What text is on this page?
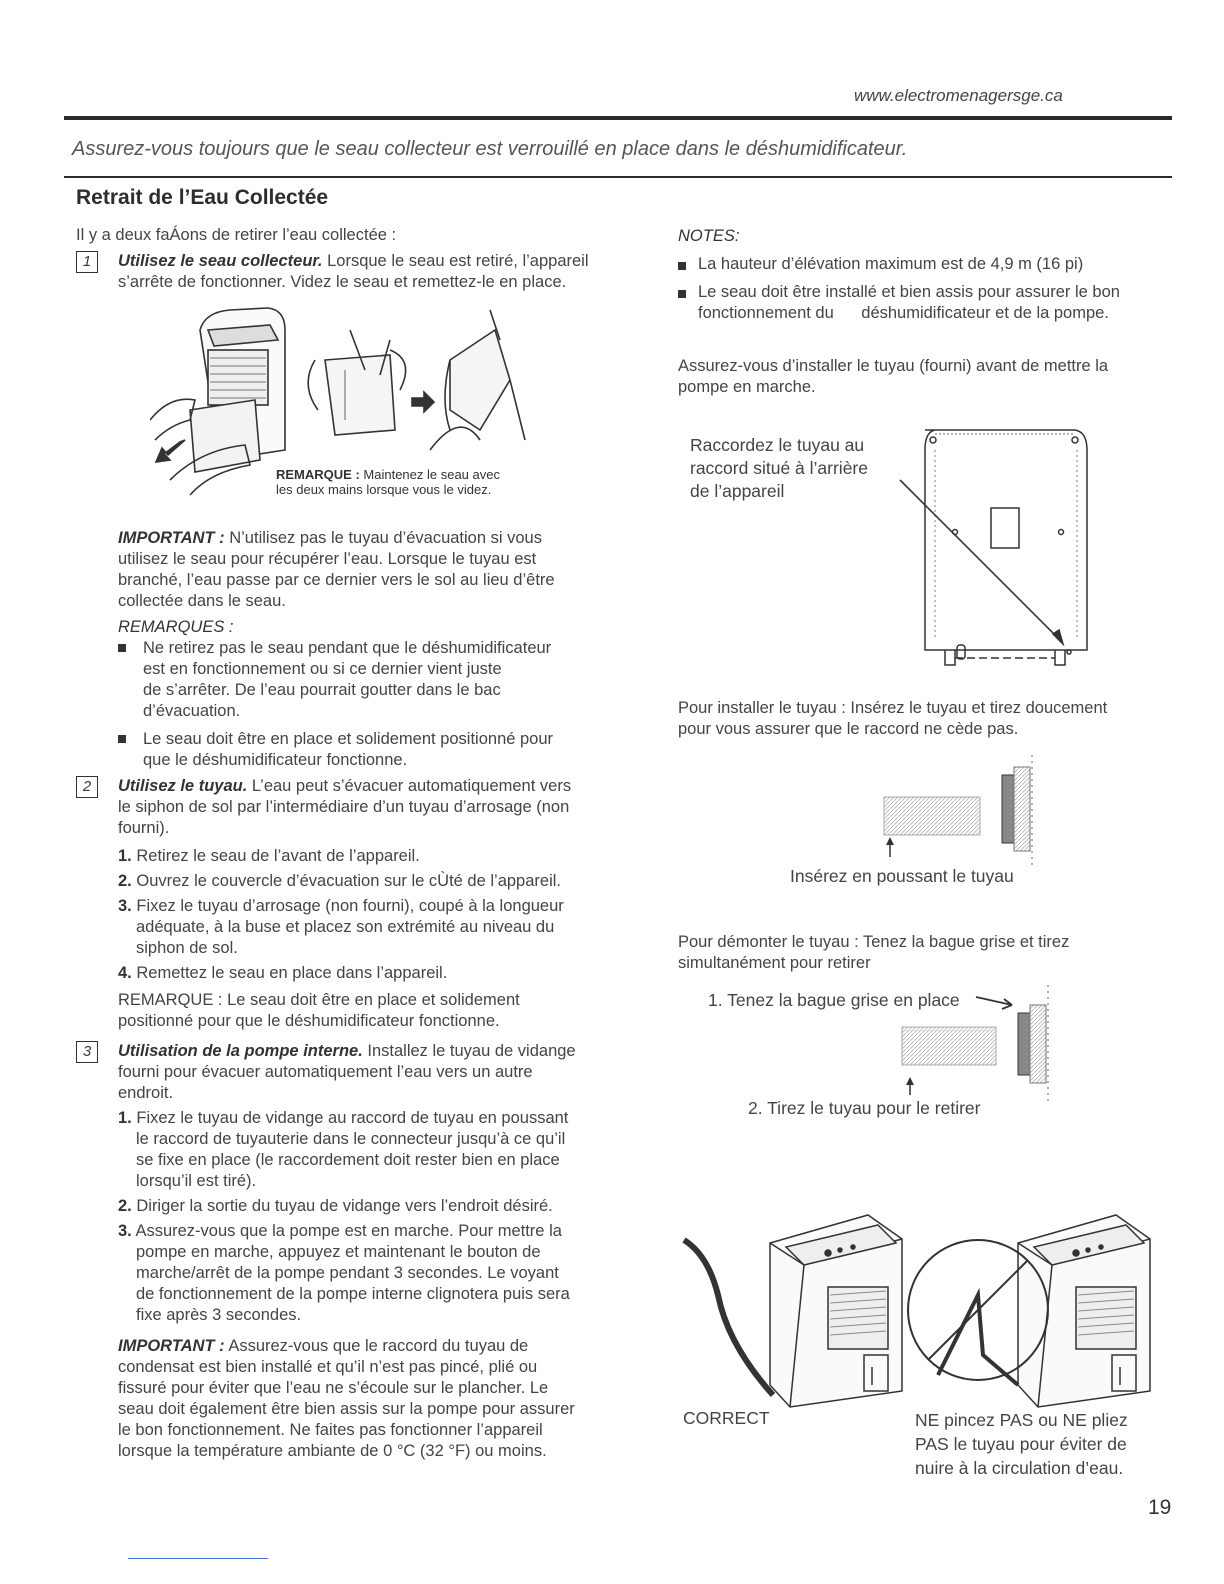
www.electromenagersge.ca
Assurez-vous toujours que le seau collecteur est verrouillé en place dans le déshumidificateur.
Retrait de l’Eau Collectée
Il y a deux faÁons de retirer l’eau collectée :
1	Utilisez le seau collecteur. Lorsque le seau est retiré, l’appareil
s’arrête de fonctionner. Videz le seau et remettez-le en place.
REMARQUE : Maintenez le seau avec
les deux mains lorsque vous le videz.
IMPORTANT : N’utilisez pas le tuyau d’évacuation si vous
utilisez le seau pour récupérer l’eau. Lorsque le tuyau est
branché, l’eau passe par ce dernier vers le sol au lieu d’être
collectée dans le seau.
REMARQUES :
Ne retirez pas le seau pendant que le déshumidificateur
est en fonctionnement ou si ce dernier vient juste
de s’arrêter. De l’eau pourrait goutter dans le bac
d’évacuation.
Le seau doit être en place et solidement positionné pour
que le déshumidificateur fonctionne.
2	Utilisez le tuyau. L’eau peut s’évacuer automatiquement vers
le siphon de sol par l’intermédiaire d’un tuyau d’arrosage (non
fourni).
1. Retirez le seau de l’avant de l’appareil.
2. Ouvrez le couvercle d’évacuation sur le cÙté de l’appareil.
3. Fixez le tuyau d’arrosage (non fourni), coupé à la longueur
adéquate, à la buse et placez son extrémité au niveau du
siphon de sol.
4. Remettez le seau en place dans l’appareil.
REMARQUE : Le seau doit être en place et solidement
positionné pour que le déshumidificateur fonctionne.
3	Utilisation de la pompe interne. Installez le tuyau de vidange
fourni pour évacuer automatiquement l’eau vers un autre
endroit.
1. Fixez le tuyau de vidange au raccord de tuyau en poussant
le raccord de tuyauterie dans le connecteur jusqu’à ce qu’il
se fixe en place (le raccordement doit rester bien en place
lorsqu’il est tiré).
2. Diriger la sortie du tuyau de vidange vers l’endroit désiré.
3. Assurez-vous que la pompe est en marche. Pour mettre la
pompe en marche, appuyez et maintenant le bouton de
marche/arrêt de la pompe pendant 3 secondes. Le voyant
de fonctionnement de la pompe interne clignotera puis sera
fixe après 3 secondes.
IMPORTANT : Assurez-vous que le raccord du tuyau de
condensat est bien installé et qu’il n’est pas pincé, plié ou
fissuré pour éviter que l’eau ne s’écoule sur le plancher. Le
seau doit également être bien assis sur la pompe pour assurer
le bon fonctionnement. Ne faites pas fonctionner l’appareil
lorsque la température ambiante de 0 °C (32 °F) ou moins.
NOTES:
La hauteur d’élévation maximum est de 4,9 m (16 pi)
Le seau doit être installé et bien assis pour assurer le bon
fonctionnement du      déshumidificateur et de la pompe.
Assurez-vous d’installer le tuyau (fourni) avant de mettre la
pompe en marche.
Raccordez le tuyau au
raccord situé à l’arrière
de l’appareil
Pour installer le tuyau : Insérez le tuyau et tirez doucement
pour vous assurer que le raccord ne cède pas.
Insérez en poussant le tuyau
Pour démonter le tuyau : Tenez la bague grise et tirez
simultanément pour retirer
1. Tenez la bague grise en place
2. Tirez le tuyau pour le retirer
CORRECT	NE pincez PAS ou NE pliez
PAS le tuyau pour éviter de
nuire à la circulation d’eau.
19
